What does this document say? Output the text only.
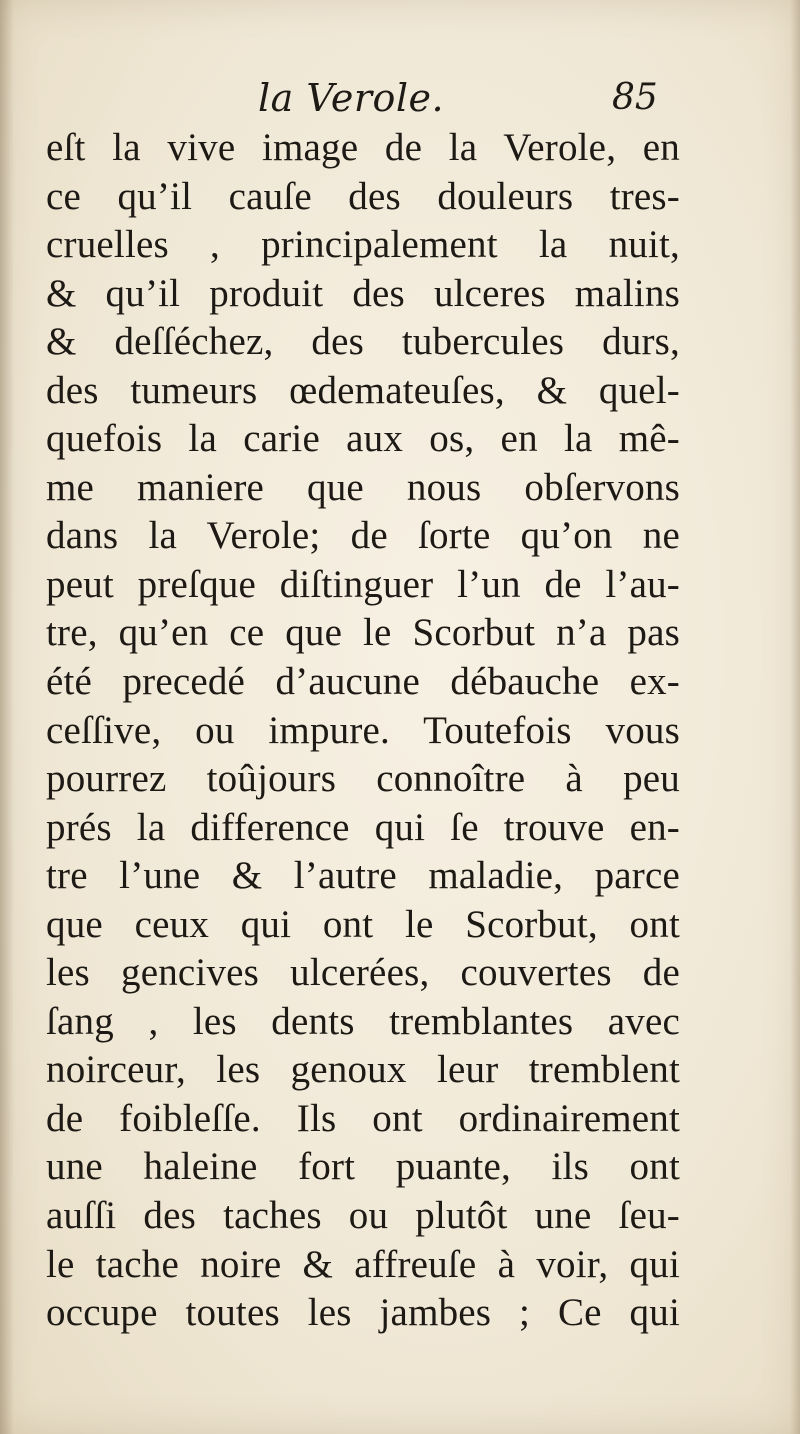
la Verole.	85
eſt la vive image de la Verole, en
ce qu’il cauſe des douleurs tres-
cruelles , principalement la nuit,
& qu’il produit des ulceres malins
& deſſéchez, des tubercules durs,
des tumeurs œdemateuſes, & quel-
quefois la carie aux os, en la mê-
me maniere que nous obſervons
dans la Verole; de ſorte qu’on ne
peut preſque diſtinguer l’un de l’au-
tre, qu’en ce que le Scorbut n’a pas
été precedé d’aucune débauche ex-
ceſſive, ou impure. Toutefois vous
pourrez toûjours connoître à peu
prés la difference qui ſe trouve en-
tre l’une & l’autre maladie, parce
que ceux qui ont le Scorbut, ont
les gencives ulcerées, couvertes de
ſang , les dents tremblantes avec
noirceur, les genoux leur tremblent
de foibleſſe. Ils ont ordinairement
une haleine fort puante, ils ont
auſſi des taches ou plutôt une ſeu-
le tache noire & affreuſe à voir, qui
occupe toutes les jambes ; Ce qui
